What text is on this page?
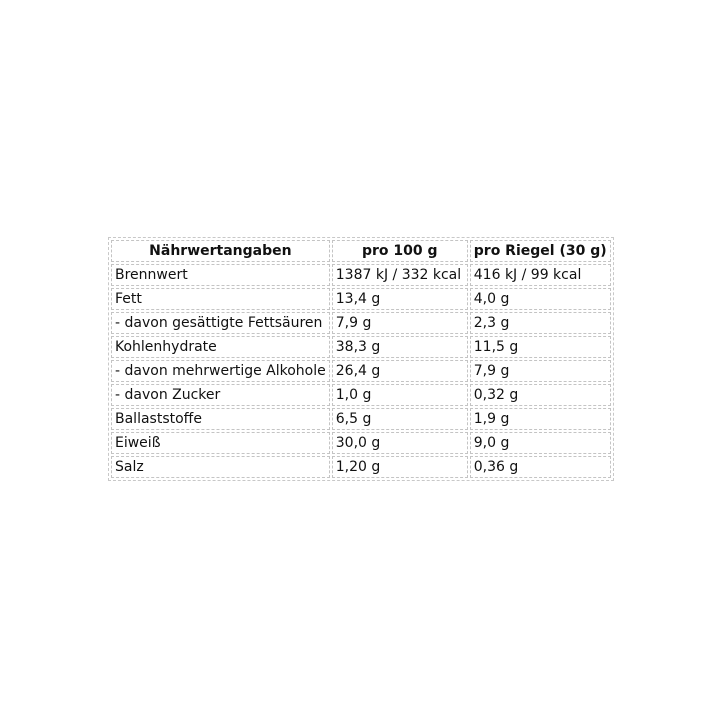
Nährwertangaben	pro 100 g	pro Riegel (30 g)
Brennwert	1387 kJ / 332 kcal	416 kJ / 99 kcal
Fett	13,4 g	4,0 g
- davon gesättigte Fettsäuren	7,9 g	2,3 g
Kohlenhydrate	38,3 g	11,5 g
- davon mehrwertige Alkohole	26,4 g	7,9 g
- davon Zucker	1,0 g	0,32 g
Ballaststoffe	6,5 g	1,9 g
Eiweiß	30,0 g	9,0 g
Salz	1,20 g	0,36 g
